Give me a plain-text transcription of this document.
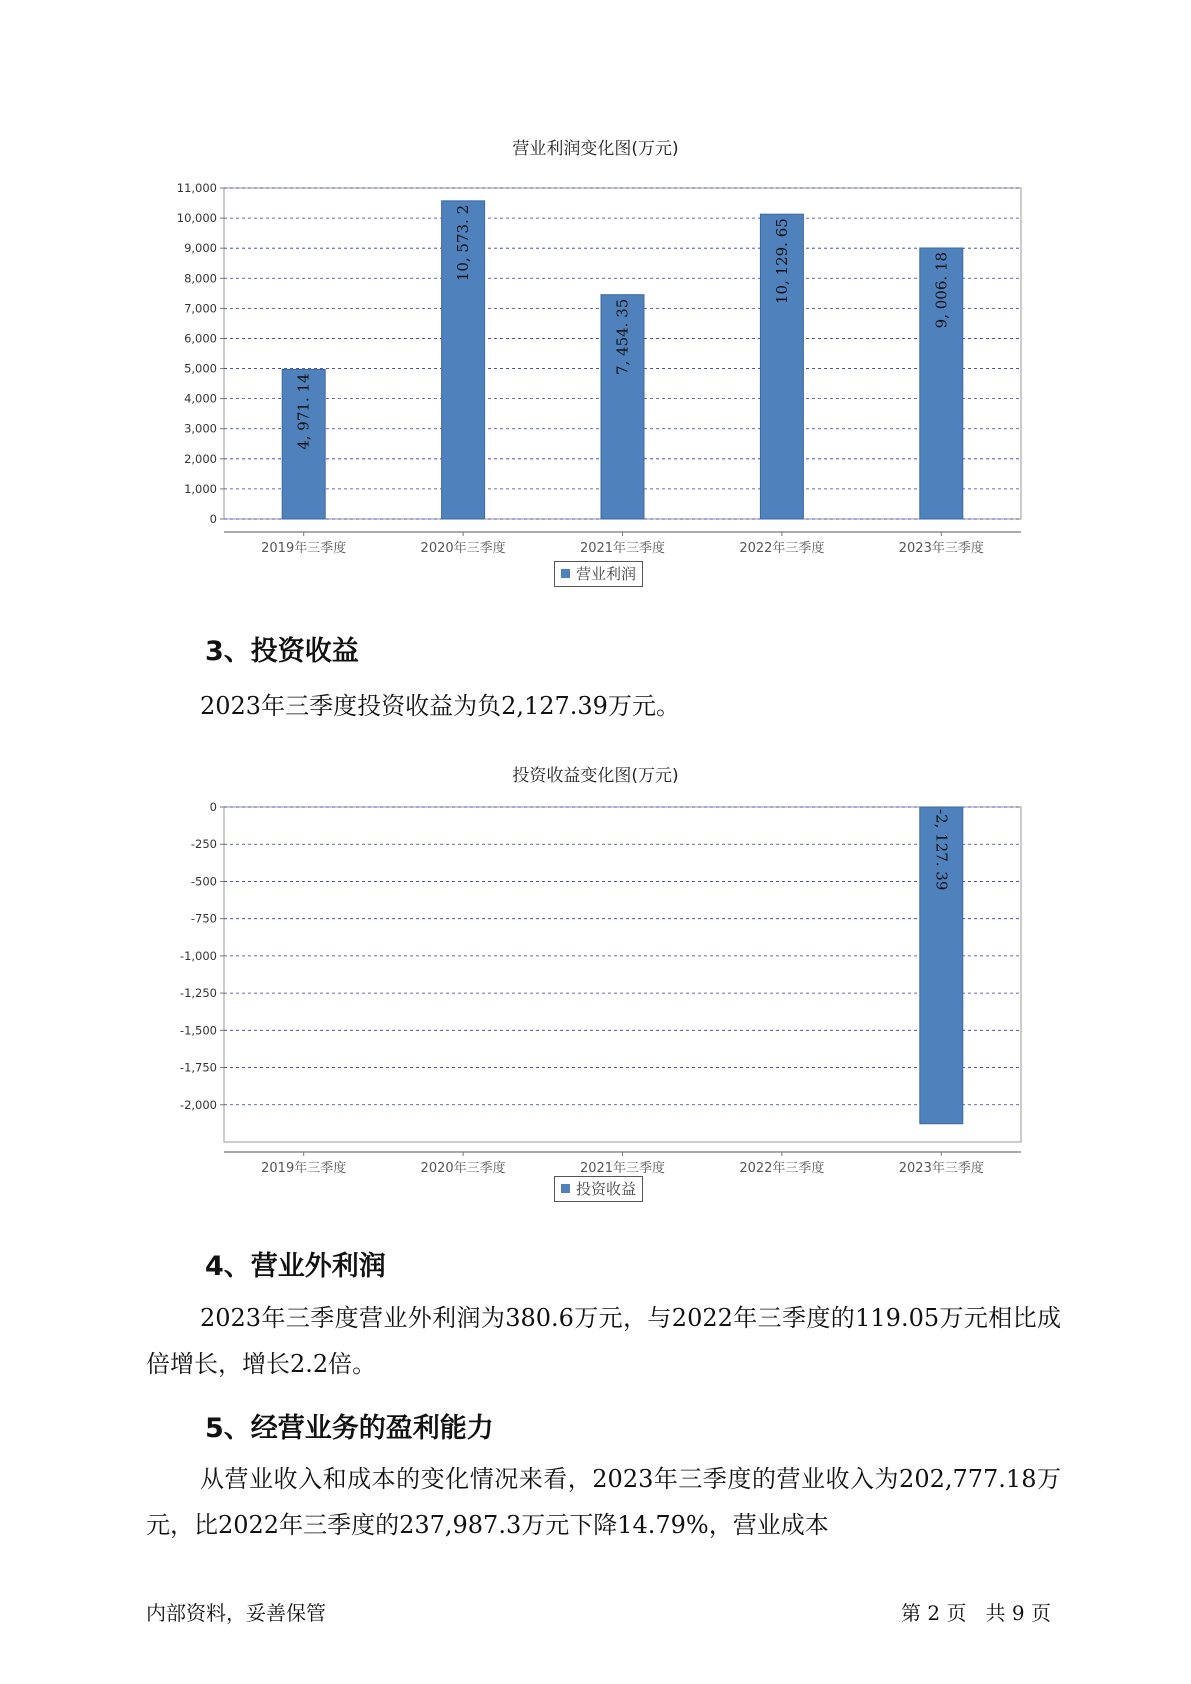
营业利润变化图(万元)
0
1,000
2,000
3,000
4,000
5,000
6,000
7,000
8,000
9,000
10,000
11,000
2019年三季度
4, 971. 14
2020年三季度
10, 573. 2
2021年三季度
7, 454. 35
2022年三季度
10, 129. 65
2023年三季度
9, 006. 18
营业利润
3、投资收益

2023年三季度投资收益为负2,127.39万元。

投资收益变化图(万元)
0
-250
-500
-750
-1,000
-1,250
-1,500
-1,750
-2,000
2019年三季度	2020年三季度	2021年三季度	2022年三季度	2023年三季度
-2, 127. 39
投资收益
4、营业外利润

2023年三季度营业外利润为380.6万元，与2022年三季度的119.05万元相比成倍增长，增长2.2倍。

5、经营业务的盈利能力

从营业收入和成本的变化情况来看，2023年三季度的营业收入为202,777.18万元，比2022年三季度的237,987.3万元下降14.79%，营业成本

内部资料，妥善保管	第 2 页   共 9 页
